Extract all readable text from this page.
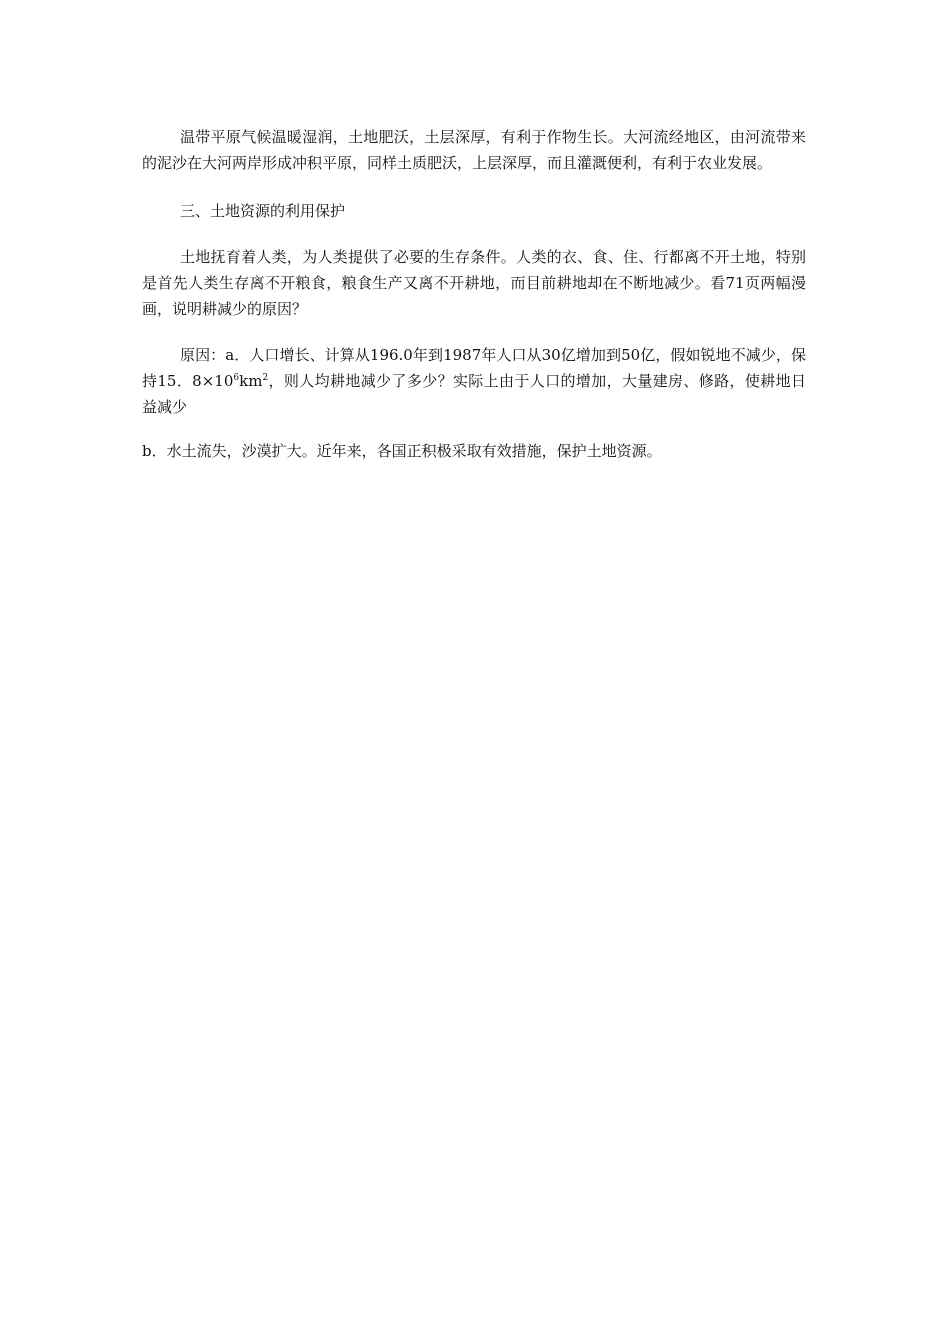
温带平原气候温暖湿润，土地肥沃，土层深厚，有利于作物生长。大河流经地区，由河流带来的泥沙在大河两岸形成冲积平原，同样土质肥沃，上层深厚，而且灌溉便利，有利于农业发展。

三、土地资源的利用保护

土地抚育着人类，为人类提供了必要的生存条件。人类的衣、食、住、行都离不开土地，特别是首先人类生存离不开粮食，粮食生产又离不开耕地，而目前耕地却在不断地减少。看71页两幅漫画，说明耕减少的原因？

原因：a．人口增长、计算从196.0年到1987年人口从30亿增加到50亿，假如锐地不减少，保持15．$8\times 10^6km^2$，则人均耕地减少了多少？实际上由于人口的增加，大量建房、修路，使耕地日益减少

b．水土流失，沙漠扩大。近年来，各国正积极采取有效措施，保护土地资源。
